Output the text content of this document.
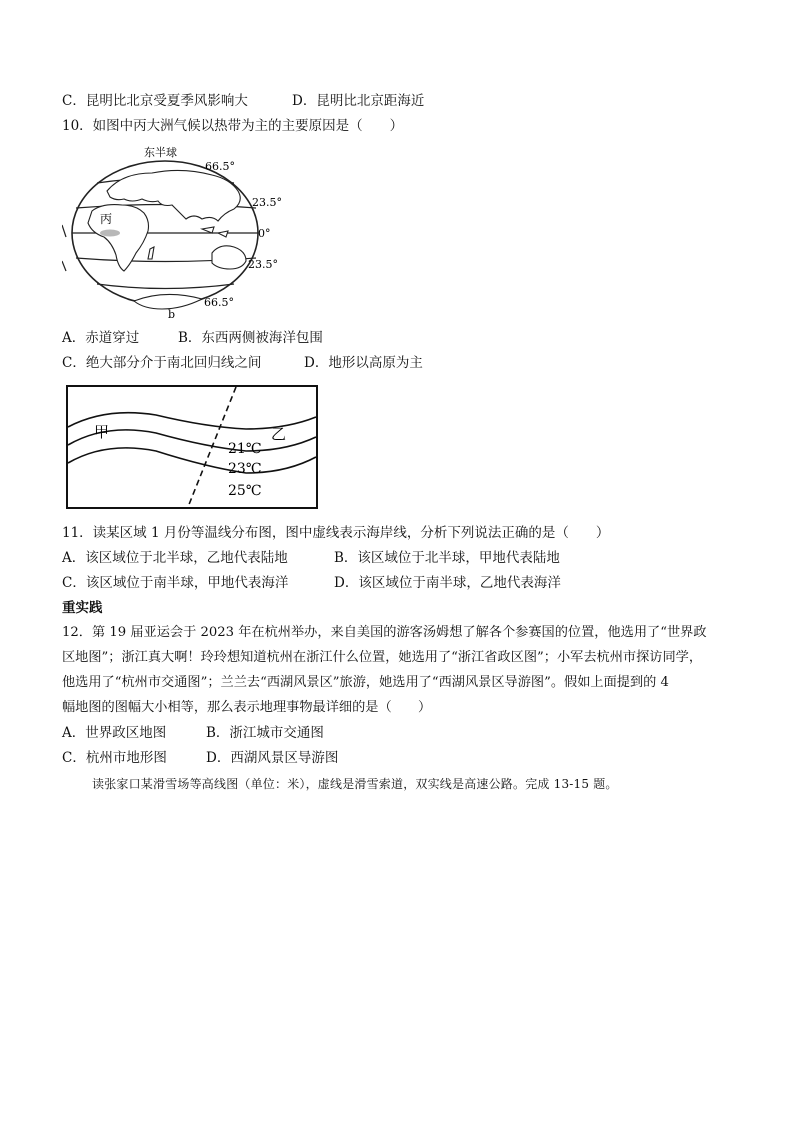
C．昆明比北京受夏季风影响大	D．昆明比北京距海近
10．如图中丙大洲气候以热带为主的主要原因是（　　）
东半球
66.5°
23.5°
0°
23.5°
66.5°
丙
b
A．赤道穿过	B．东西两侧被海洋包围
C．绝大部分介于南北回归线之间	D．地形以高原为主
甲	乙
21℃
23℃
25℃
11．读某区域 1 月份等温线分布图，图中虚线表示海岸线，分析下列说法正确的是（　　）
A．该区域位于北半球，乙地代表陆地	B．该区域位于北半球，甲地代表陆地
C．该区域位于南半球，甲地代表海洋	D．该区域位于南半球，乙地代表海洋
重实践
12．第 19 届亚运会于 2023 年在杭州举办，来自美国的游客汤姆想了解各个参赛国的位置，他选用了“世界政
区地图”；浙江真大啊！玲玲想知道杭州在浙江什么位置，她选用了“浙江省政区图”；小军去杭州市探访同学，
他选用了“杭州市交通图”；兰兰去“西湖风景区”旅游，她选用了“西湖风景区导游图”。假如上面提到的 4
幅地图的图幅大小相等，那么表示地理事物最详细的是（　　）
A．世界政区地图	B．浙江城市交通图
C．杭州市地形图	D．西湖风景区导游图
读张家口某滑雪场等高线图（单位：米），虚线是滑雪索道，双实线是高速公路。完成 13-15 题。
